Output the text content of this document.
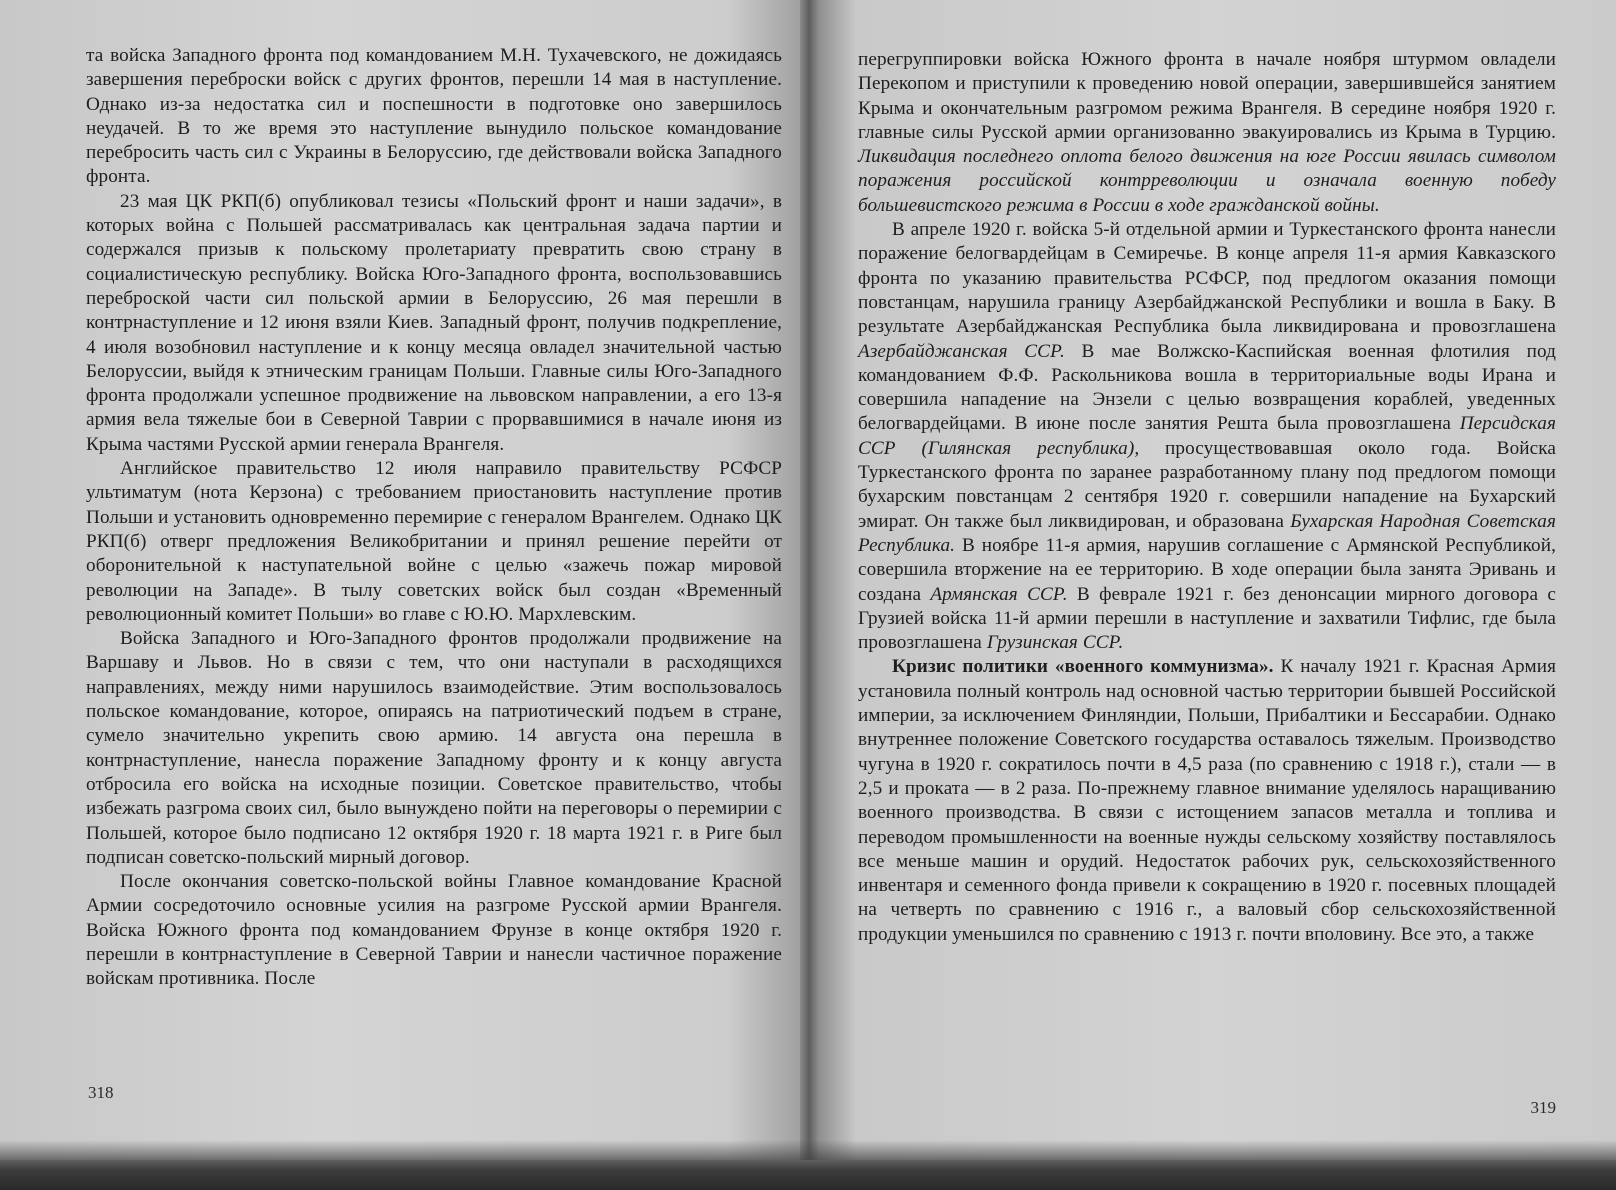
та войска Западного фронта под командованием М.Н. Тухачевского, не дожидаясь завершения переброски войск с других фронтов, перешли 14 мая в наступление. Однако из-за недостатка сил и поспешности в подготовке оно завершилось неудачей. В то же время это наступление вынудило польское командование перебросить часть сил с Украины в Белоруссию, где действовали войска Западного фронта.

23 мая ЦК РКП(б) опубликовал тезисы «Польский фронт и наши задачи», в которых война с Польшей рассматривалась как центральная задача партии и содержался призыв к польскому пролетариату превратить свою страну в социалистическую республику. Войска Юго-Западного фронта, воспользовавшись переброской части сил польской армии в Белоруссию, 26 мая перешли в контрнаступление и 12 июня взяли Киев. Западный фронт, получив подкрепление, 4 июля возобновил наступление и к концу месяца овладел значительной частью Белоруссии, выйдя к этническим границам Польши. Главные силы Юго-Западного фронта продолжали успешное продвижение на львовском направлении, а его 13-я армия вела тяжелые бои в Северной Таврии с прорвавшимися в начале июня из Крыма частями Русской армии генерала Врангеля.

Английское правительство 12 июля направило правительству РСФСР ультиматум (нота Керзона) с требованием приостановить наступление против Польши и установить одновременно перемирие с генералом Врангелем. Однако ЦК РКП(б) отверг предложения Великобритании и принял решение перейти от оборонительной к наступательной войне с целью «зажечь пожар мировой революции на Западе». В тылу советских войск был создан «Временный революционный комитет Польши» во главе с Ю.Ю. Мархлевским.

Войска Западного и Юго-Западного фронтов продолжали продвижение на Варшаву и Львов. Но в связи с тем, что они наступали в расходящихся направлениях, между ними нарушилось взаимодействие. Этим воспользовалось польское командование, которое, опираясь на патриотический подъем в стране, сумело значительно укрепить свою армию. 14 августа она перешла в контрнаступление, нанесла поражение Западному фронту и к концу августа отбросила его войска на исходные позиции. Советское правительство, чтобы избежать разгрома своих сил, было вынуждено пойти на переговоры о перемирии с Польшей, которое было подписано 12 октября 1920 г. 18 марта 1921 г. в Риге был подписан советско-польский мирный договор.

После окончания советско-польской войны Главное командование Красной Армии сосредоточило основные усилия на разгроме Русской армии Врангеля. Войска Южного фронта под командованием Фрунзе в конце октября 1920 г. перешли в контрнаступление в Северной Таврии и нанесли частичное поражение войскам противника. После

318

перегруппировки войска Южного фронта в начале ноября штурмом овладели Перекопом и приступили к проведению новой операции, завершившейся занятием Крыма и окончательным разгромом режима Врангеля. В середине ноября 1920 г. главные силы Русской армии организованно эвакуировались из Крыма в Турцию. Ликвидация последнего оплота белого движения на юге России явилась символом поражения российской контрреволюции и означала военную победу большевистского режима в России в ходе гражданской войны.

В апреле 1920 г. войска 5-й отдельной армии и Туркестанского фронта нанесли поражение белогвардейцам в Семиречье. В конце апреля 11-я армия Кавказского фронта по указанию правительства РСФСР, под предлогом оказания помощи повстанцам, нарушила границу Азербайджанской Республики и вошла в Баку. В результате Азербайджанская Республика была ликвидирована и провозглашена Азербайджанская ССР. В мае Волжско-Каспийская военная флотилия под командованием Ф.Ф. Раскольникова вошла в территориальные воды Ирана и совершила нападение на Энзели с целью возвращения кораблей, уведенных белогвардейцами. В июне после занятия Решта была провозглашена Персидская ССР (Гилянская республика), просуществовавшая около года. Войска Туркестанского фронта по заранее разработанному плану под предлогом помощи бухарским повстанцам 2 сентября 1920 г. совершили нападение на Бухарский эмират. Он также был ликвидирован, и образована Бухарская Народная Советская Республика. В ноябре 11-я армия, нарушив соглашение с Армянской Республикой, совершила вторжение на ее территорию. В ходе операции была занята Эривань и создана Армянская ССР. В феврале 1921 г. без денонсации мирного договора с Грузией войска 11-й армии перешли в наступление и захватили Тифлис, где была провозглашена Грузинская ССР.

Кризис политики «военного коммунизма». К началу 1921 г. Красная Армия установила полный контроль над основной частью территории бывшей Российской империи, за исключением Финляндии, Польши, Прибалтики и Бессарабии. Однако внутреннее положение Советского государства оставалось тяжелым. Производство чугуна в 1920 г. сократилось почти в 4,5 раза (по сравнению с 1918 г.), стали — в 2,5 и проката — в 2 раза. По-прежнему главное внимание уделялось наращиванию военного производства. В связи с истощением запасов металла и топлива и переводом промышленности на военные нужды сельскому хозяйству поставлялось все меньше машин и орудий. Недостаток рабочих рук, сельскохозяйственного инвентаря и семенного фонда привели к сокращению в 1920 г. посевных площадей на четверть по сравнению с 1916 г., а валовый сбор сельскохозяйственной продукции уменьшился по сравнению с 1913 г. почти вполовину. Все это, а также

319
